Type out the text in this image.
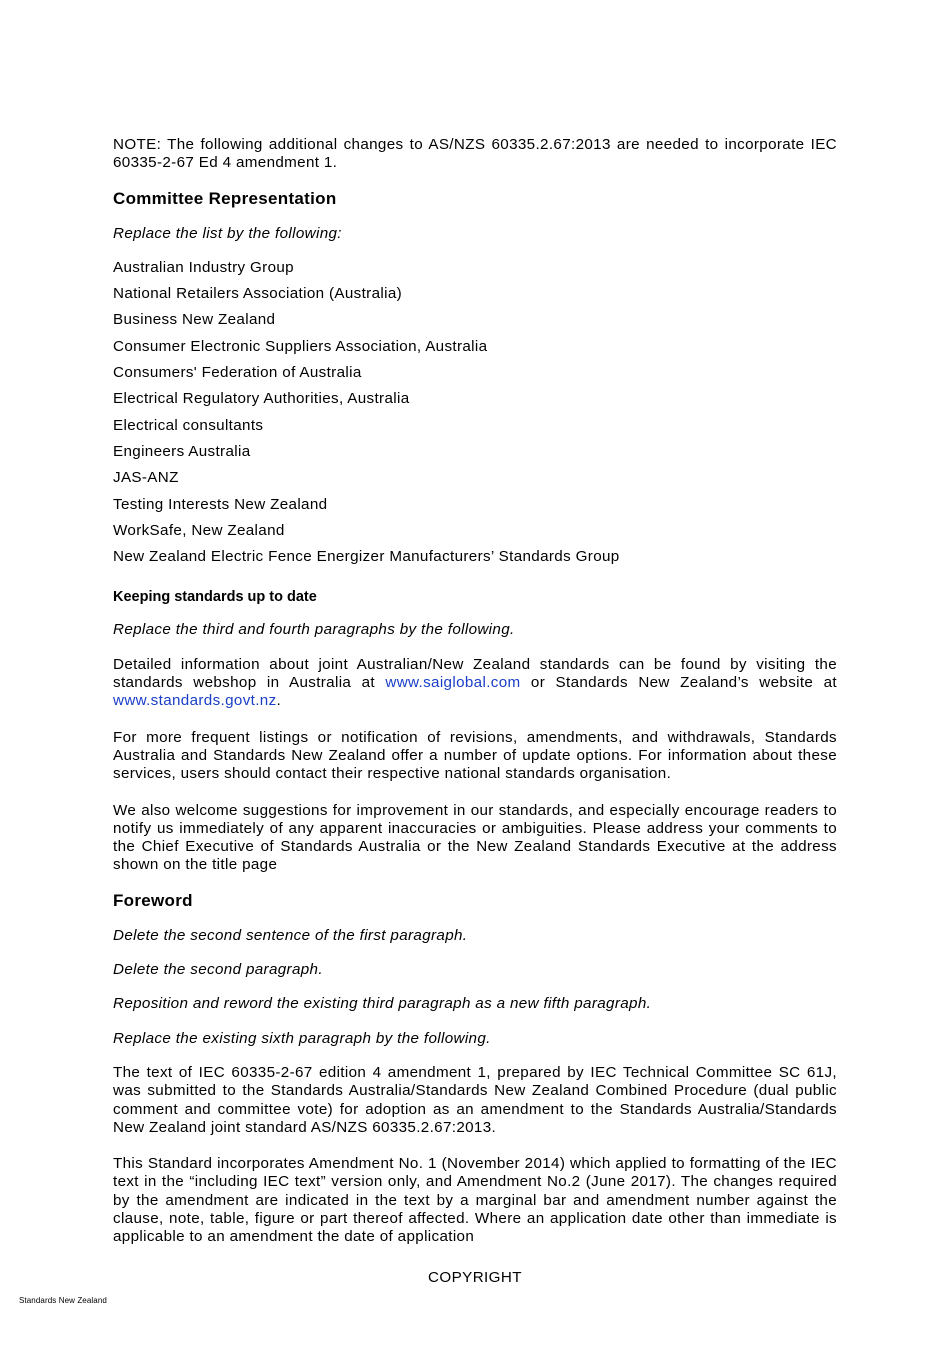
NOTE: The following additional changes to AS/NZS 60335.2.67:2013 are needed to incorporate IEC 60335-2-67 Ed 4 amendment 1.

Committee Representation

Replace the list by the following:

Australian Industry Group
National Retailers Association (Australia)
Business New Zealand
Consumer Electronic Suppliers Association, Australia
Consumers' Federation of Australia
Electrical Regulatory Authorities, Australia
Electrical consultants
Engineers Australia
JAS-ANZ
Testing Interests New Zealand
WorkSafe, New Zealand
New Zealand Electric Fence Energizer Manufacturers’ Standards Group
Keeping standards up to date

Replace the third and fourth paragraphs by the following.

Detailed information about joint Australian/New Zealand standards can be found by visiting the standards webshop in Australia at www.saiglobal.com or Standards New Zealand’s website at www.standards.govt.nz.

For more frequent listings or notification of revisions, amendments, and withdrawals, Standards Australia and Standards New Zealand offer a number of update options. For information about these services, users should contact their respective national standards organisation.

We also welcome suggestions for improvement in our standards, and especially encourage readers to notify us immediately of any apparent inaccuracies or ambiguities. Please address your comments to the Chief Executive of Standards Australia or the New Zealand Standards Executive at the address shown on the title page

Foreword

Delete the second sentence of the first paragraph.

Delete the second paragraph.

Reposition and reword the existing third paragraph as a new fifth paragraph.

Replace the existing sixth paragraph by the following.

The text of IEC 60335-2-67 edition 4 amendment 1, prepared by IEC Technical Committee SC 61J, was submitted to the Standards Australia/Standards New Zealand Combined Procedure (dual public comment and committee vote) for adoption as an amendment to the Standards Australia/Standards New Zealand joint standard AS/NZS 60335.2.67:2013.

This Standard incorporates Amendment No. 1 (November 2014) which applied to formatting of the IEC text in the “including IEC text” version only, and Amendment No.2 (June 2017). The changes required by the amendment are indicated in the text by a marginal bar and amendment number against the clause, note, table, figure or part thereof affected. Where an application date other than immediate is applicable to an amendment the date of application

COPYRIGHT
Standards New Zealand
